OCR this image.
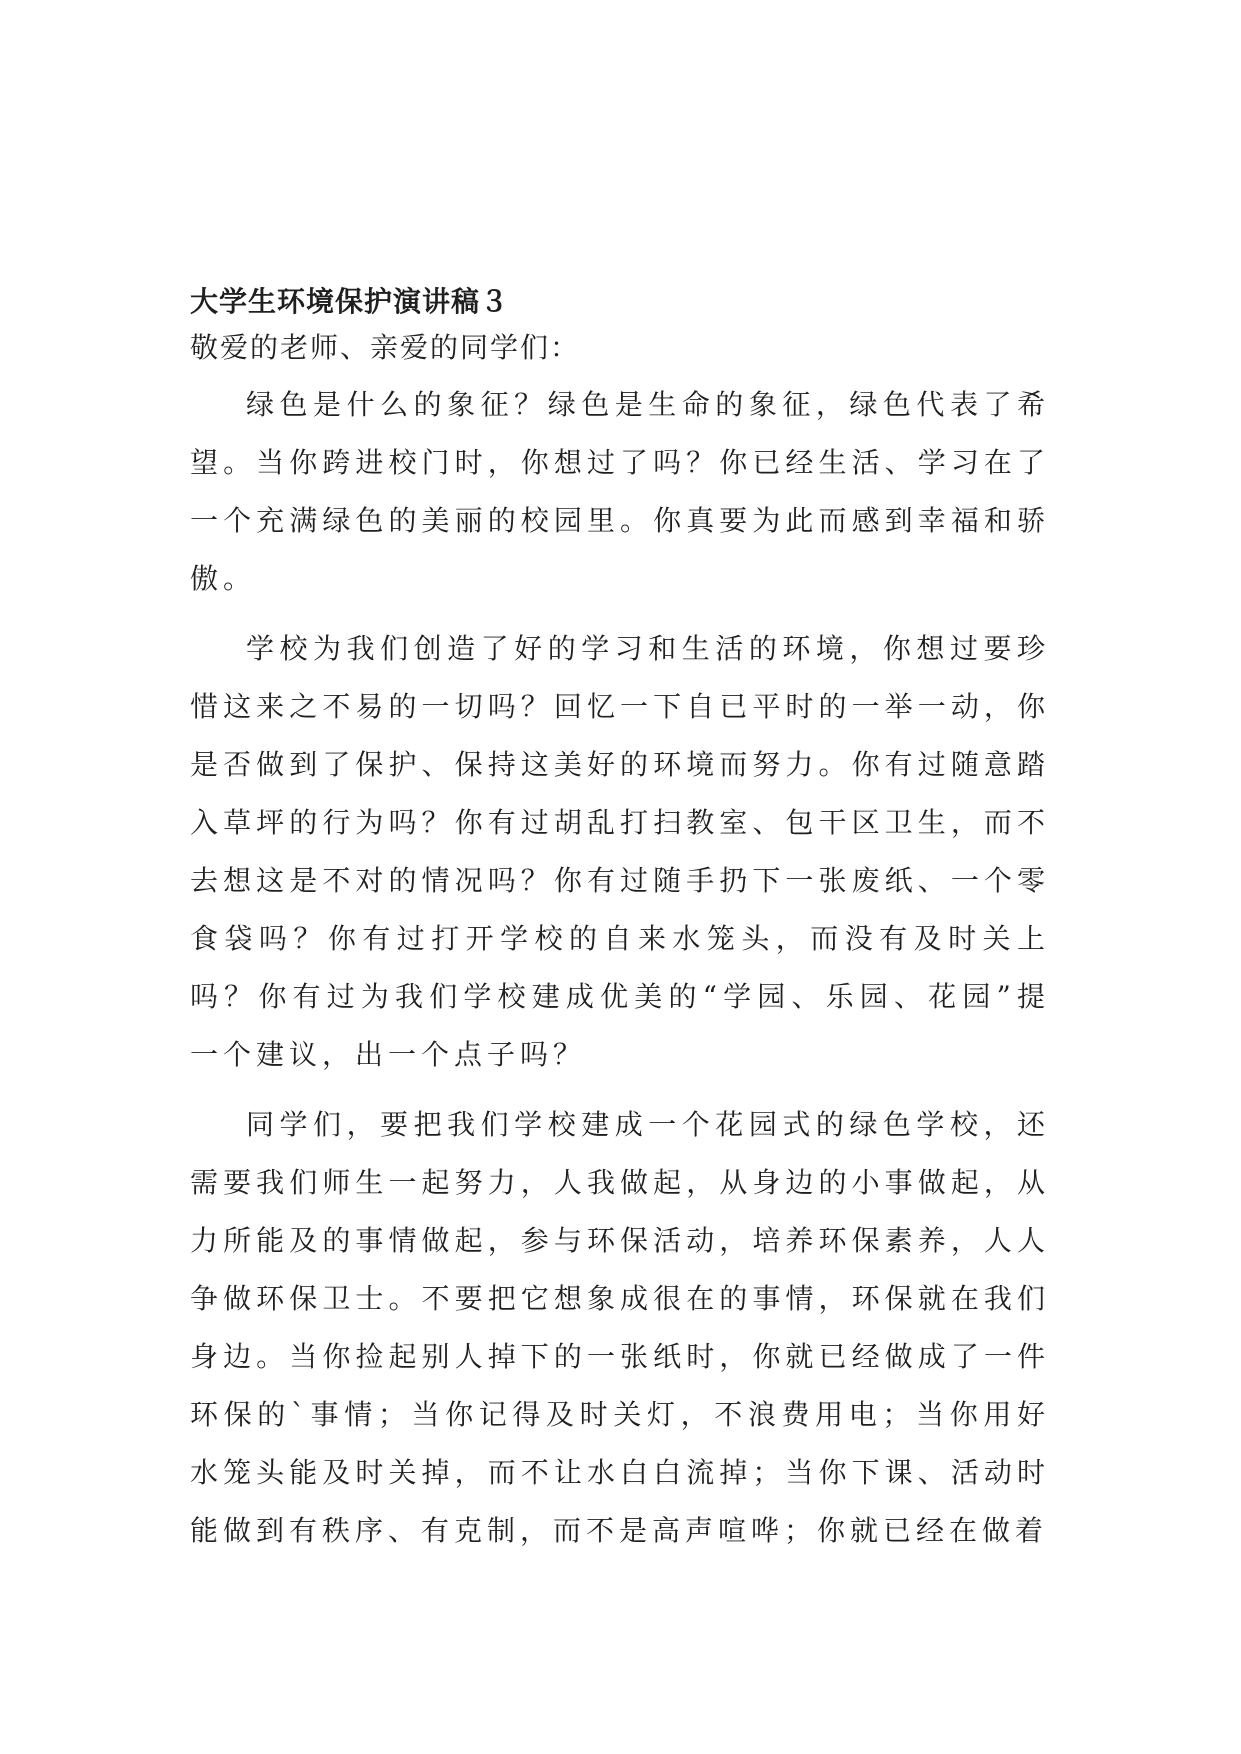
大学生环境保护演讲稿３

敬爱的老师、亲爱的同学们：

绿色是什么的象征？绿色是生命的象征，绿色代表了希望。当你跨进校门时，你想过了吗？你已经生活、学习在了一个充满绿色的美丽的校园里。你真要为此而感到幸福和骄傲。

学校为我们创造了好的学习和生活的环境，你想过要珍惜这来之不易的一切吗？回忆一下自已平时的一举一动，你是否做到了保护、保持这美好的环境而努力。你有过随意踏入草坪的行为吗？你有过胡乱打扫教室、包干区卫生，而不去想这是不对的情况吗？你有过随手扔下一张废纸、一个零食袋吗？你有过打开学校的自来水笼头，而没有及时关上吗？你有过为我们学校建成优美的“学园、乐园、花园”提一个建议，出一个点子吗？

同学们，要把我们学校建成一个花园式的绿色学校，还需要我们师生一起努力，人我做起，从身边的小事做起，从力所能及的事情做起，参与环保活动，培养环保素养，人人争做环保卫士。不要把它想象成很在的事情，环保就在我们身边。当你捡起别人掉下的一张纸时，你就已经做成了一件环保的`事情；当你记得及时关灯，不浪费用电；当你用好水笼头能及时关掉，而不让水白白流掉；当你下课、活动时能做到有秩序、有克制，而不是高声喧哗；你就已经在做着
